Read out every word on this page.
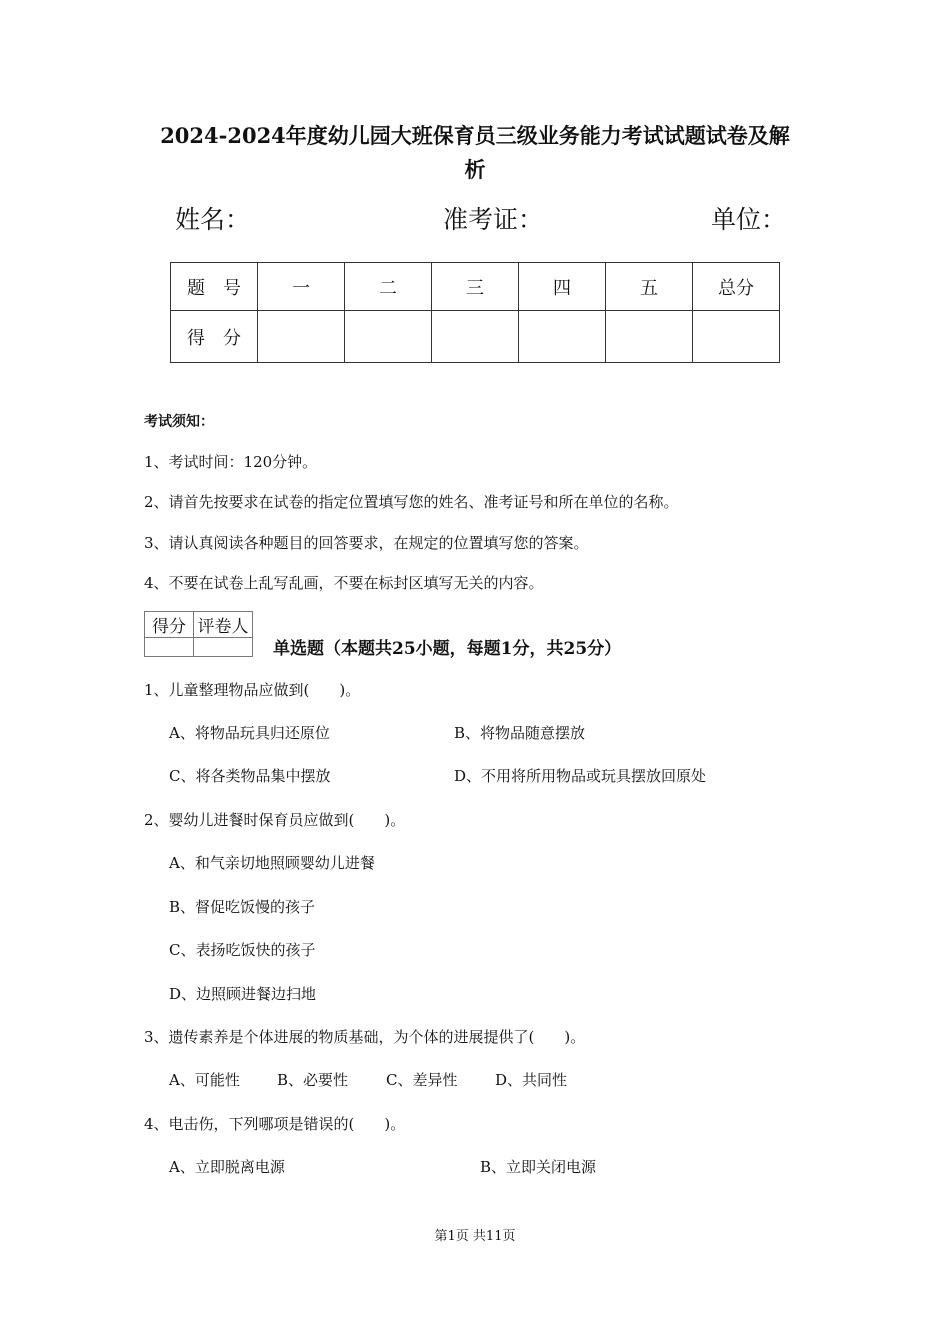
2024-2024年度幼儿园大班保育员三级业务能力考试试题试卷及解
析
姓名：	准考证：	单位：
题　号	一	二	三	四	五	总分
得　分						
考试须知：
1、考试时间：120分钟。
2、请首先按要求在试卷的指定位置填写您的姓名、准考证号和所在单位的名称。
3、请认真阅读各种题目的回答要求，在规定的位置填写您的答案。
4、不要在试卷上乱写乱画，不要在标封区填写无关的内容。
得分	评卷人

单选题（本题共25小题，每题1分，共25分）
1、儿童整理物品应做到(　　)。
A、将物品玩具归还原位	B、将物品随意摆放
C、将各类物品集中摆放	D、不用将所用物品或玩具摆放回原处
2、婴幼儿进餐时保育员应做到(　　)。
A、和气亲切地照顾婴幼儿进餐
B、督促吃饭慢的孩子
C、表扬吃饭快的孩子
D、边照顾进餐边扫地
3、遗传素养是个体进展的物质基础，为个体的进展提供了(　　)。
A、可能性 B、必要性	C、差异性	D、共同性
4、电击伤，下列哪项是错误的(　　)。
A、立即脱离电源	B、立即关闭电源
第1页 共11页
